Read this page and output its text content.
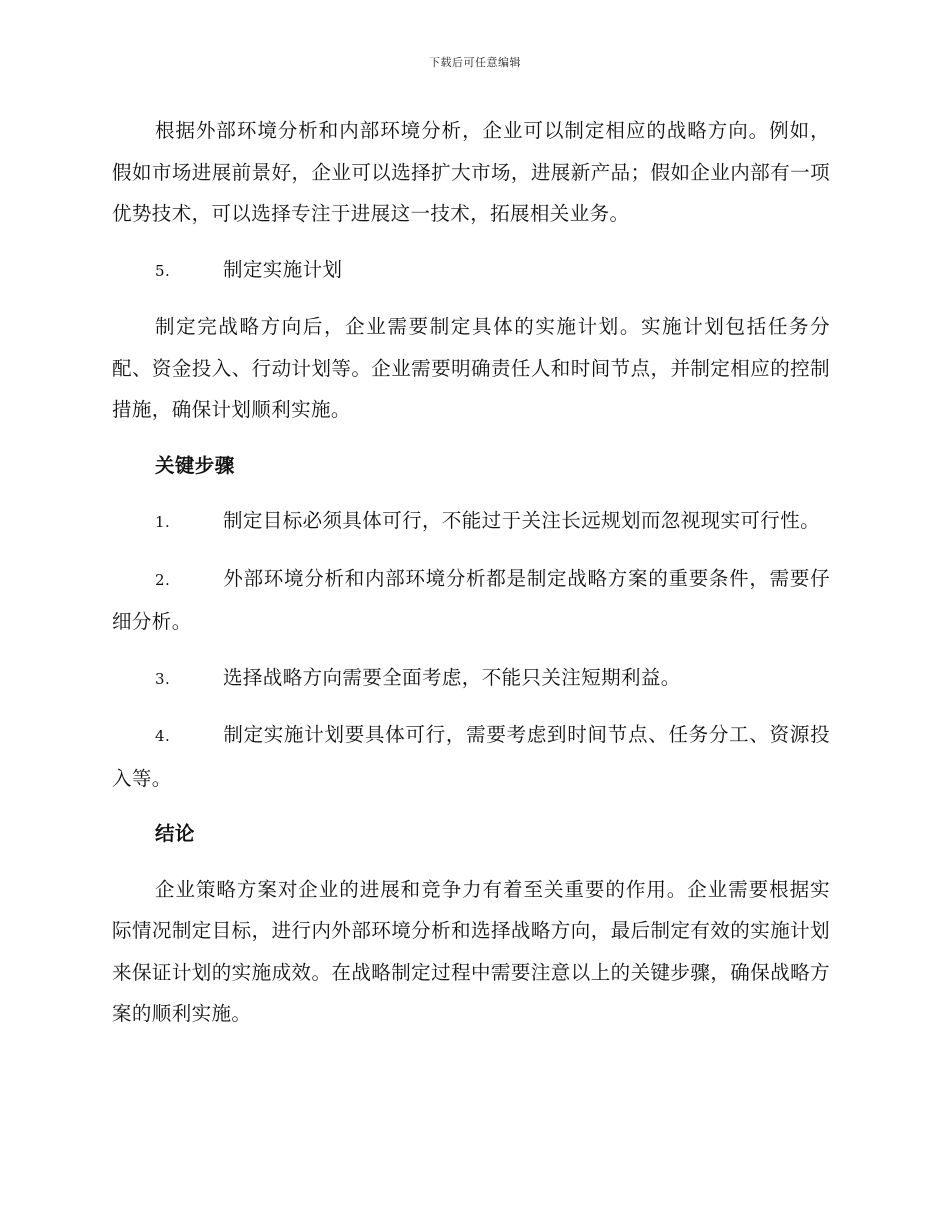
下载后可任意编辑

根据外部环境分析和内部环境分析，企业可以制定相应的战略方向。例如，假如市场进展前景好，企业可以选择扩大市场，进展新产品；假如企业内部有一项优势技术，可以选择专注于进展这一技术，拓展相关业务。

5.	制定实施计划

制定完战略方向后，企业需要制定具体的实施计划。实施计划包括任务分配、资金投入、行动计划等。企业需要明确责任人和时间节点，并制定相应的控制措施，确保计划顺利实施。

关键步骤
1.	制定目标必须具体可行，不能过于关注长远规划而忽视现实可行性。
2.	外部环境分析和内部环境分析都是制定战略方案的重要条件，需要仔细分析。
3.	选择战略方向需要全面考虑，不能只关注短期利益。
4.	制定实施计划要具体可行，需要考虑到时间节点、任务分工、资源投入等。
结论

企业策略方案对企业的进展和竞争力有着至关重要的作用。企业需要根据实际情况制定目标，进行内外部环境分析和选择战略方向，最后制定有效的实施计划来保证计划的实施成效。在战略制定过程中需要注意以上的关键步骤，确保战略方案的顺利实施。
